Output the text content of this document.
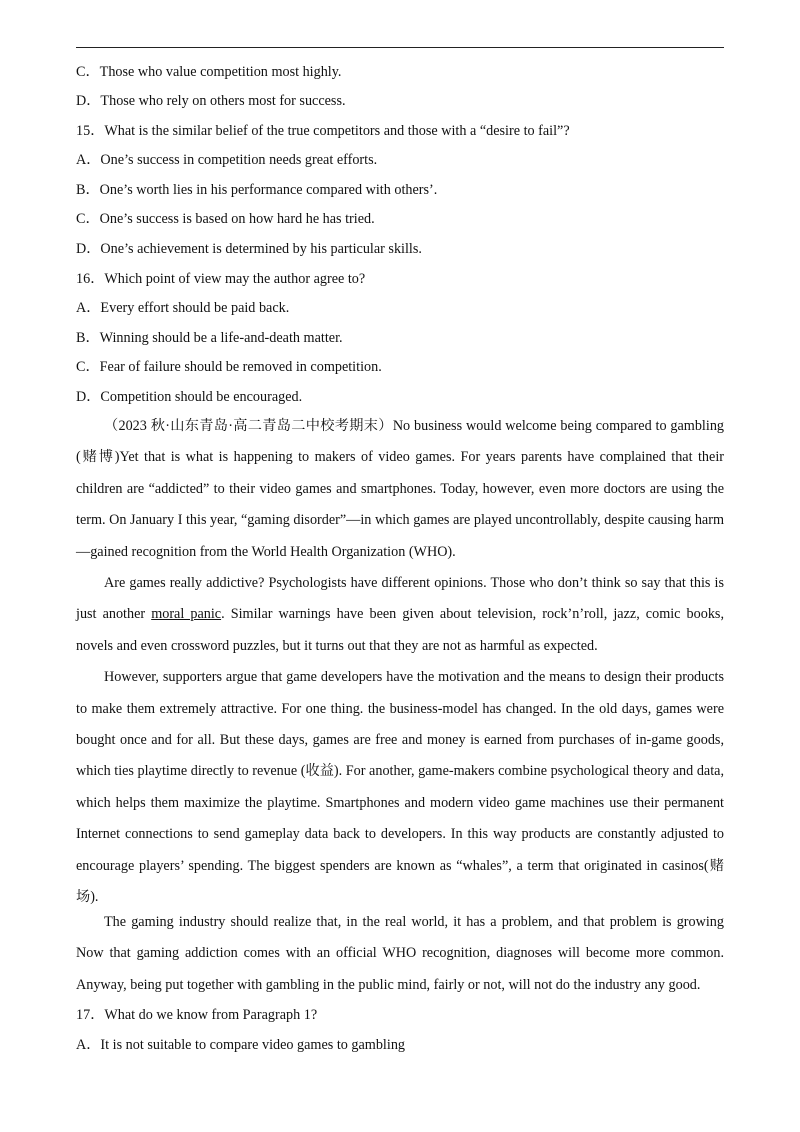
C．Those who value competition most highly.
D．Those who rely on others most for success.
15．What is the similar belief of the true competitors and those with a “desire to fail”?
A．One’s success in competition needs great efforts.
B．One’s worth lies in his performance compared with others’.
C．One’s success is based on how hard he has tried.
D．One’s achievement is determined by his particular skills.
16．Which point of view may the author agree to?
A．Every effort should be paid back.
B．Winning should be a life-and-death matter.
C．Fear of failure should be removed in competition.
D．Competition should be encouraged.

（2023 秋·山东青岛·高二青岛二中校考期末）No business would welcome being compared to gambling (赌博)Yet that is what is happening to makers of video games. For years parents have complained that their children are “addicted” to their video games and smartphones. Today, however, even more doctors are using the term. On January I this year, “gaming disorder”—in which games are played uncontrollably, despite causing harm —gained recognition from the World Health Organization (WHO).

Are games really addictive? Psychologists have different opinions. Those who don’t think so say that this is just another moral panic. Similar warnings have been given about television, rock’n’roll, jazz, comic books, novels and even crossword puzzles, but it turns out that they are not as harmful as expected.

However, supporters argue that game developers have the motivation and the means to design their products to make them extremely attractive. For one thing. the business-model has changed. In the old days, games were bought once and for all. But these days, games are free and money is earned from purchases of in-game goods, which ties playtime directly to revenue (收益). For another, game-makers combine psychological theory and data, which helps them maximize the playtime. Smartphones and modern video game machines use their permanent Internet connections to send gameplay data back to developers. In this way products are constantly adjusted to encourage players’ spending. The biggest spenders are known as “whales”, a term that originated in casinos(赌场).

The gaming industry should realize that, in the real world, it has a problem, and that problem is growing Now that gaming addiction comes with an official WHO recognition, diagnoses will become more common. Anyway, being put together with gambling in the public mind, fairly or not, will not do the industry any good.

17．What do we know from Paragraph 1?
A．It is not suitable to compare video games to gambling
